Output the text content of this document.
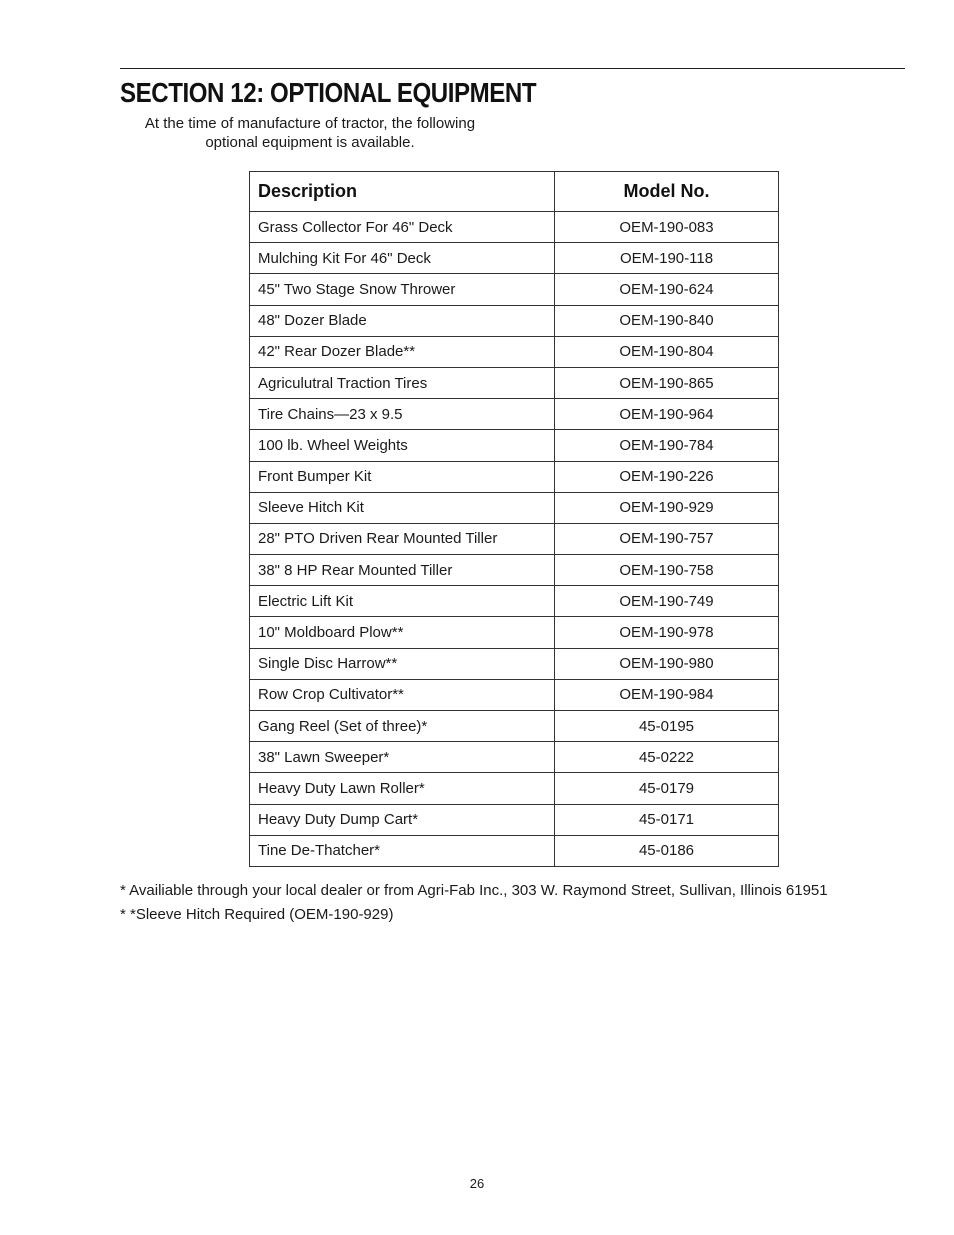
SECTION 12: OPTIONAL EQUIPMENT
At the time of manufacture of tractor, the following
optional equipment is available.
Description	Model No.
Grass Collector For 46" Deck	OEM-190-083
Mulching Kit For 46" Deck	OEM-190-118
45" Two Stage Snow Thrower	OEM-190-624
48" Dozer Blade	OEM-190-840
42" Rear Dozer Blade**	OEM-190-804
Agriculutral Traction Tires	OEM-190-865
Tire Chains—23 x 9.5	OEM-190-964
100 lb. Wheel Weights	OEM-190-784
Front Bumper Kit	OEM-190-226
Sleeve Hitch Kit	OEM-190-929
28" PTO Driven Rear Mounted Tiller	OEM-190-757
38" 8 HP Rear Mounted Tiller	OEM-190-758
Electric Lift Kit	OEM-190-749
10" Moldboard Plow**	OEM-190-978
Single Disc Harrow**	OEM-190-980
Row Crop Cultivator**	OEM-190-984
Gang Reel (Set of three)*	45-0195
38" Lawn Sweeper*	45-0222
Heavy Duty Lawn Roller*	45-0179
Heavy Duty Dump Cart*	45-0171
Tine De-Thatcher*	45-0186
* Availiable through your local dealer or from Agri-Fab Inc., 303 W. Raymond Street, Sullivan, Illinois 61951
* *Sleeve Hitch Required (OEM-190-929)
26
